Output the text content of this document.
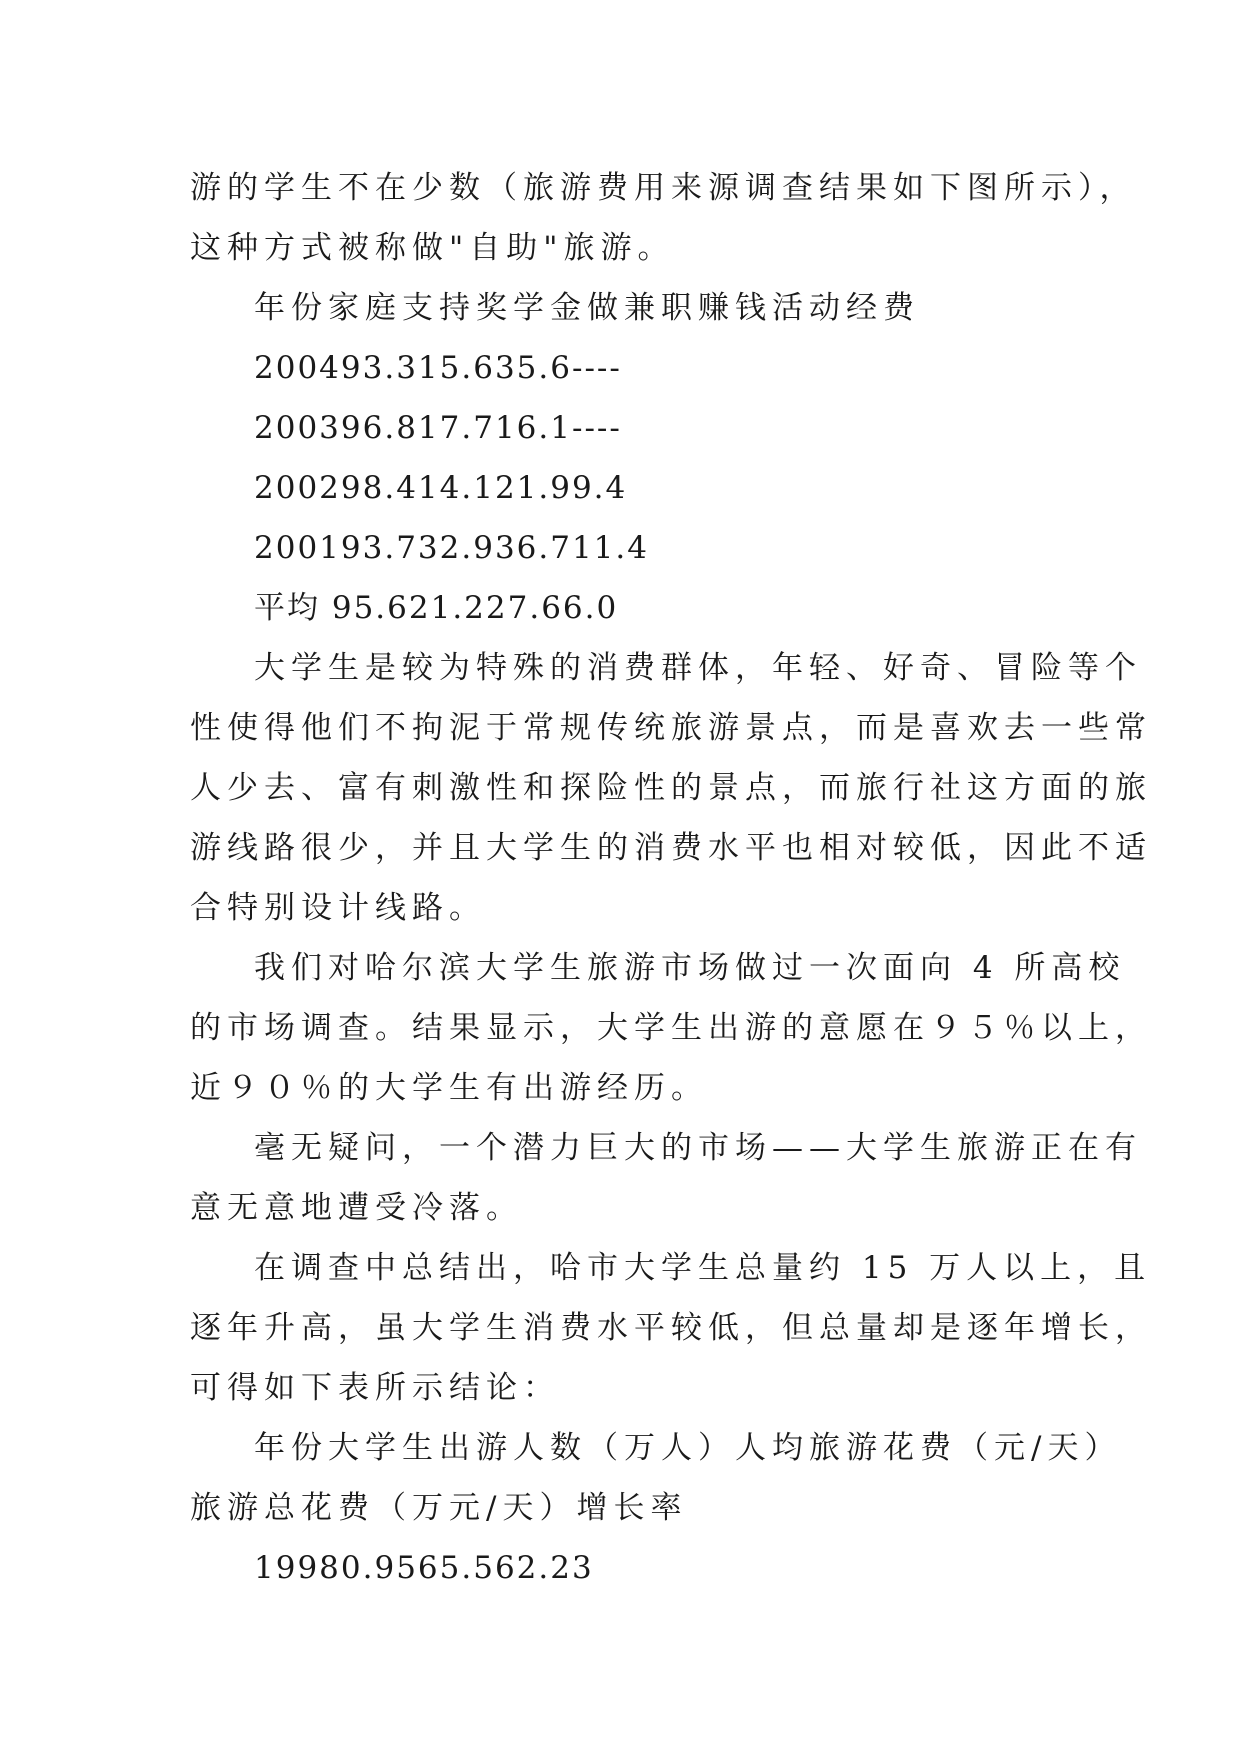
游的学生不在少数（旅游费用来源调查结果如下图所示），
这种方式被称做"自助"旅游。
年份家庭支持奖学金做兼职赚钱活动经费
200493.315.635.6----
200396.817.716.1----
200298.414.121.99.4
200193.732.936.711.4
平均 95.621.227.66.0
大学生是较为特殊的消费群体，年轻、好奇、冒险等个
性使得他们不拘泥于常规传统旅游景点，而是喜欢去一些常
人少去、富有刺激性和探险性的景点，而旅行社这方面的旅
游线路很少，并且大学生的消费水平也相对较低，因此不适
合特别设计线路。
我们对哈尔滨大学生旅游市场做过一次面向 4 所高校
的市场调查。结果显示，大学生出游的意愿在９５％以上，
近９０％的大学生有出游经历。
毫无疑问，一个潜力巨大的市场——大学生旅游正在有
意无意地遭受冷落。
在调查中总结出，哈市大学生总量约 15 万人以上，且
逐年升高，虽大学生消费水平较低，但总量却是逐年增长，
可得如下表所示结论：
年份大学生出游人数（万人）人均旅游花费（元/天）
旅游总花费（万元/天）增长率
19980.9565.562.23
